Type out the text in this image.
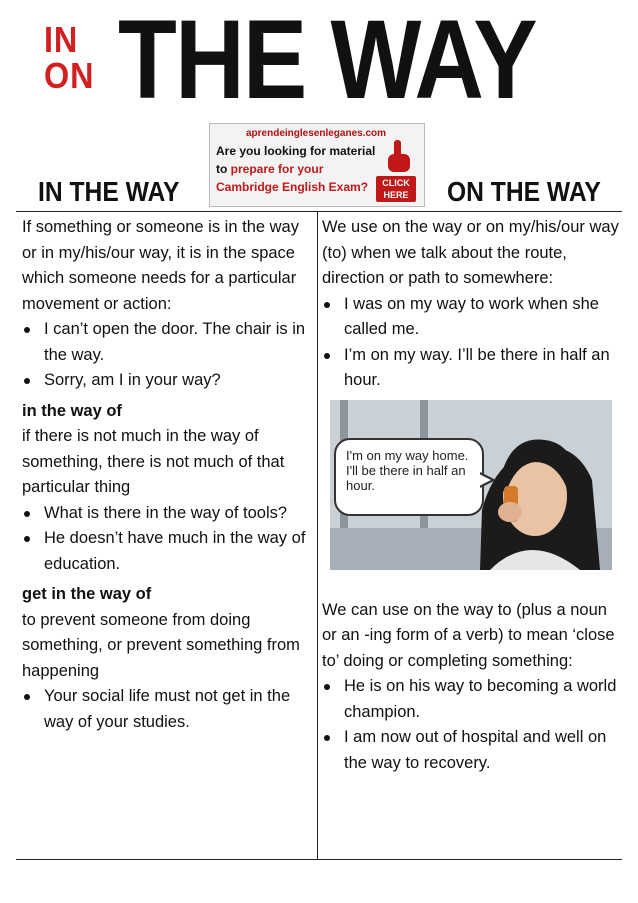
IN
ON THE WAY
aprendeinglesenleganes.com
Are you looking for material
to prepare for your
Cambridge English Exam?	CLICK HERE
IN THE WAY	ON THE WAY

If something or someone is in the way or in my/his/our way, it is in the space which someone needs for a particular movement or action:

I can’t open the door. The chair is in the way.
Sorry, am I in your way?
in the way of

if there is not much in the way of something, there is not much of that particular thing

What is there in the way of tools?
He doesn’t have much in the way of education.
get in the way of

to prevent someone from doing something, or prevent something from happening

Your social life must not get in the way of your studies.

We use on the way or on my/his/our way (to) when we talk about the route, direction or path to somewhere:

I was on my way to work when she called me.
I’m on my way. I’ll be there in half an hour.
I'm on my way home. I'll be there in half an hour.

We can use on the way to (plus a noun or an -ing form of a verb) to mean ‘close to’ doing or completing something:

He is on his way to becoming a world champion.
I am now out of hospital and well on the way to recovery.
